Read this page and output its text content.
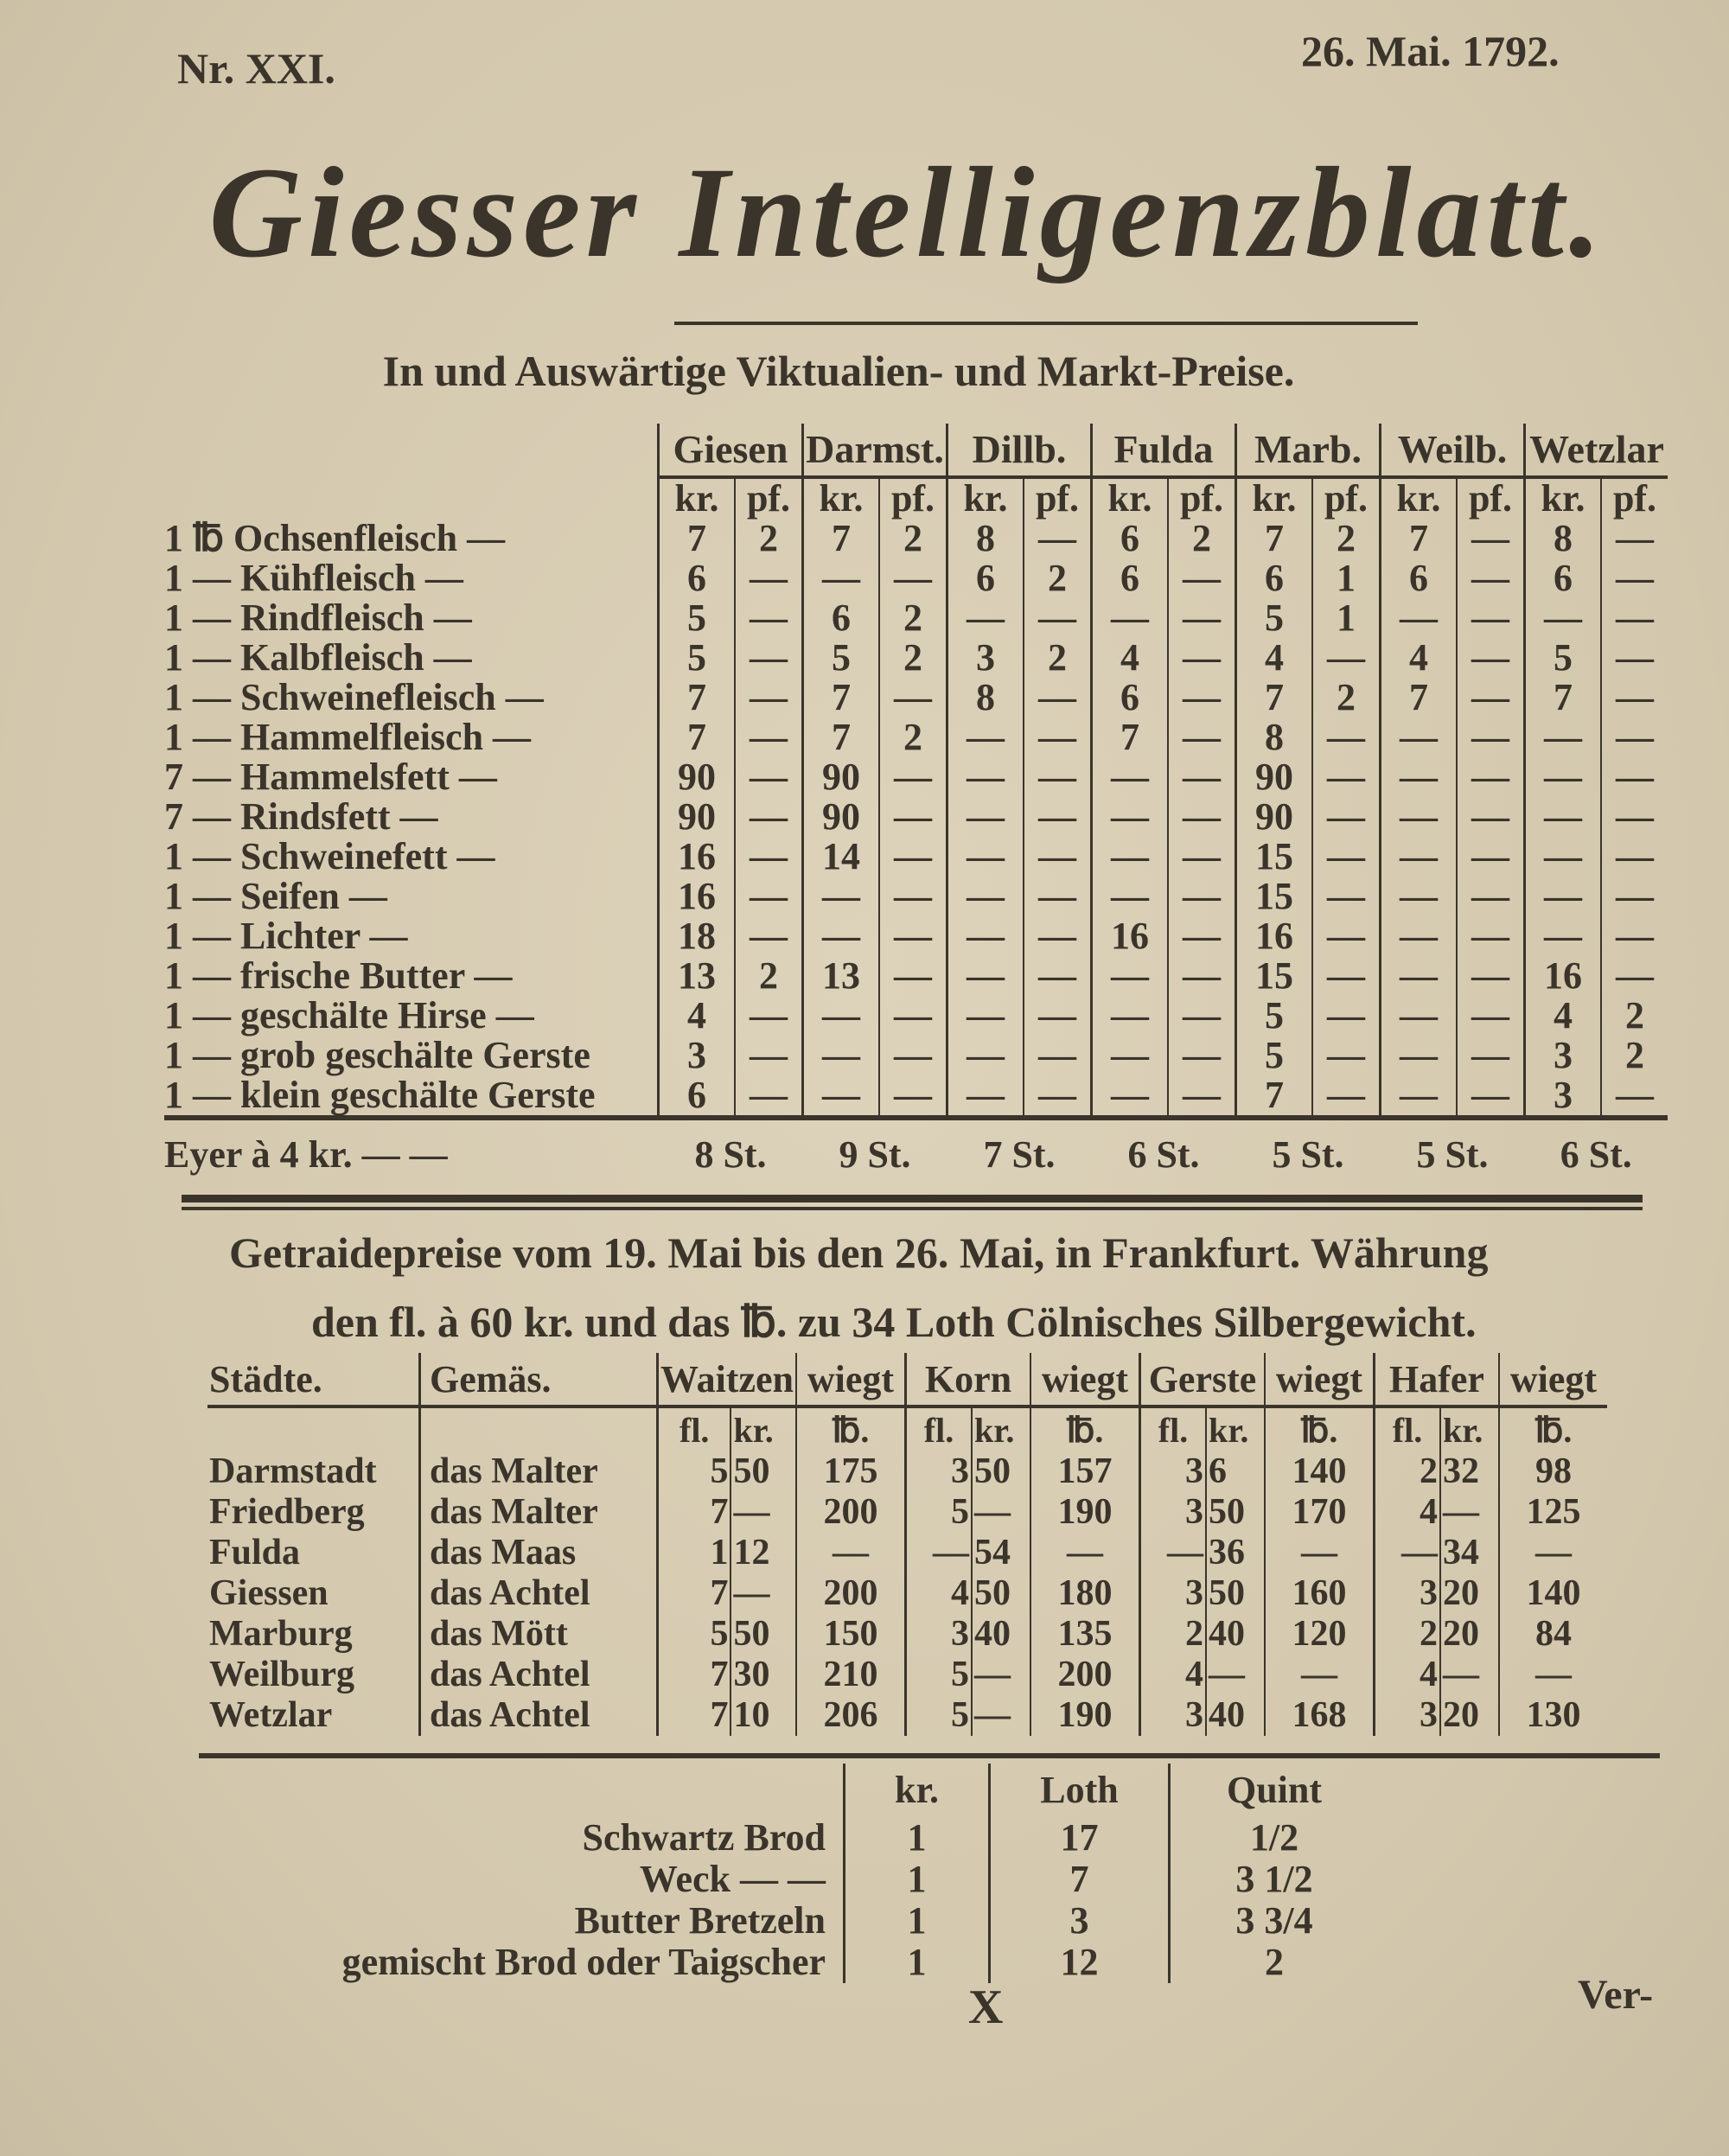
Nr. XXI.	26. Mai. 1792.
Giesser Intelligenzblatt.
In und Auswärtige Viktualien- und Markt-Preise.
	Giesen		Darmst.		Dillb.		Fulda		Marb.		Weilb.		Wetzlar	
	kr.	pf.	kr.	pf.	kr.	pf.	kr.	pf.	kr.	pf.	kr.	pf.	kr.	pf.
1 ℔ Ochsenfleisch —	7	2	7	2	8	—	6	2	7	2	7	—	8	—
1 — Kühfleisch —	6	—	—	—	6	2	6	—	6	1	6	—	6	—
1 — Rindfleisch —	5	—	6	2	—	—	—	—	5	1	—	—	—	—
1 — Kalbfleisch —	5	—	5	2	3	2	4	—	4	—	4	—	5	—
1 — Schweinefleisch —	7	—	7	—	8	—	6	—	7	2	7	—	7	—
1 — Hammelfleisch —	7	—	7	2	—	—	7	—	8	—	—	—	—	—
7 — Hammelsfett —	90	—	90	—	—	—	—	—	90	—	—	—	—	—
7 — Rindsfett —	90	—	90	—	—	—	—	—	90	—	—	—	—	—
1 — Schweinefett —	16	—	14	—	—	—	—	—	15	—	—	—	—	—
1 — Seifen —	16	—	—	—	—	—	—	—	15	—	—	—	—	—
1 — Lichter —	18	—	—	—	—	—	16	—	16	—	—	—	—	—
1 — frische Butter —	13	2	13	—	—	—	—	—	15	—	—	—	16	—
1 — geschälte Hirse —	4	—	—	—	—	—	—	—	5	—	—	—	4	2
1 — grob geschälte Gerste	3	—	—	—	—	—	—	—	5	—	—	—	3	2
1 — klein geschälte Gerste	6	—	—	—	—	—	—	—	7	—	—	—	3	—
Eyer à 4 kr. — —	8 St.		9 St.		7 St.		6 St.		5 St.		5 St.		6 St.	
Getraidepreise vom 19. Mai bis den 26. Mai, in Frankfurt. Währung
den fl. à 60 kr. und das ℔. zu 34 Loth Cölnisches Silbergewicht.
Städte.	Gemäs.	Waitzen		wiegt	Korn		wiegt	Gerste		wiegt	Hafer		wiegt
		fl.	kr.	℔.	fl.	kr.	℔.	fl.	kr.	℔.	fl.	kr.	℔.
Darmstadt	das Malter	5	50	175	3	50	157	3	6	140	2	32	98
Friedberg	das Malter	7	—	200	5	—	190	3	50	170	4	—	125
Fulda	das Maas	1	12	—	—	54	—	—	36	—	—	34	—
Giessen	das Achtel	7	—	200	4	50	180	3	50	160	3	20	140
Marburg	das Mött	5	50	150	3	40	135	2	40	120	2	20	84
Weilburg	das Achtel	7	30	210	5	—	200	4	—	—	4	—	—
Wetzlar	das Achtel	7	10	206	5	—	190	3	40	168	3	20	130
	kr.	Loth	Quint
Schwartz Brod	1	17	1/2
Weck — —	1	7	3 1/2
Butter Bretzeln	1	3	3 3/4
gemischt Brod oder Taigscher	1	12	2
X	Ver-
